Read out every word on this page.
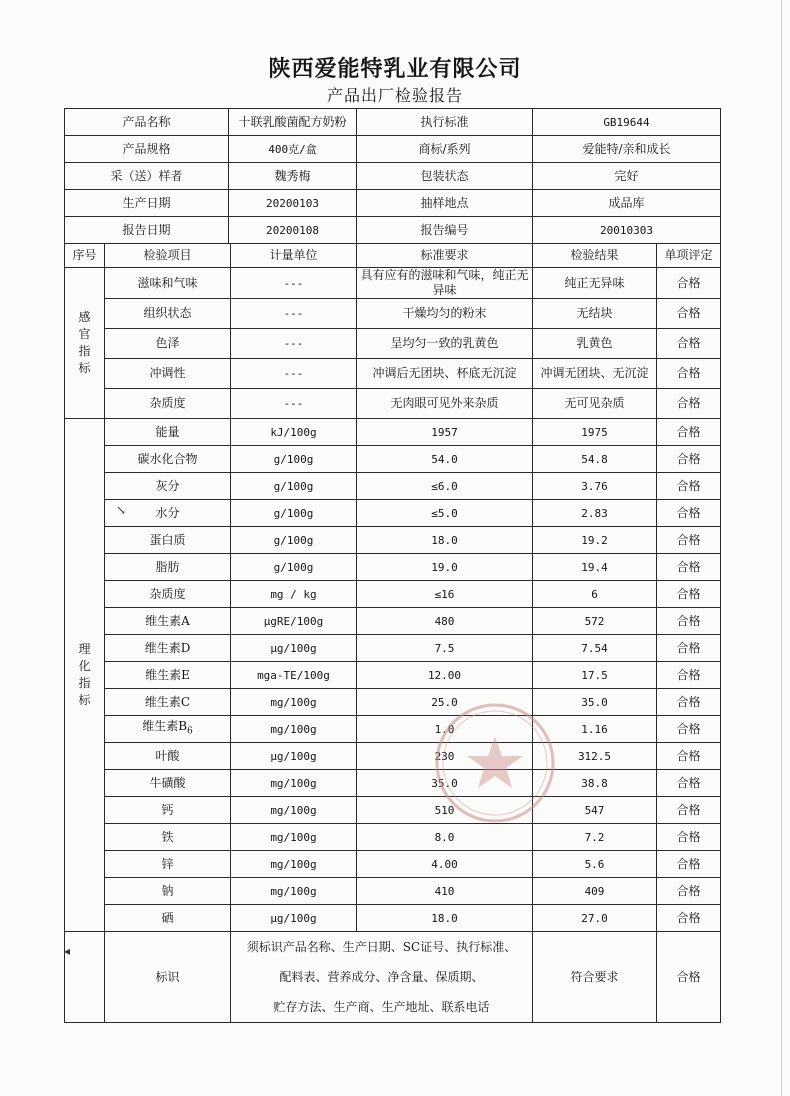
陕西爱能特乳业有限公司
产品出厂检验报告
产品名称	十联乳酸菌配方奶粉	执行标准	GB19644
产品规格	400克/盒	商标/系列	爱能特/亲和成长
采（送）样者	魏秀梅	包装状态	完好
生产日期	20200103	抽样地点	成品库
报告日期	20200108	报告编号	20010303
序号	检验项目	计量单位	标准要求	检验结果	单项评定
感
官
指
标	滋味和气味	---	具有应有的滋味和气味，纯正无异味	纯正无异味	合格
	组织状态	---	干燥均匀的粉末	无结块	合格
	色泽	---	呈均匀一致的乳黄色	乳黄色	合格
	冲调性	---	冲调后无团块、杯底无沉淀	冲调无团块、无沉淀	合格
	杂质度	---	无肉眼可见外来杂质	无可见杂质	合格
理
化
指
标	能量	kJ/100g	1957	1975	合格
	碳水化合物	g/100g	54.0	54.8	合格
	灰分	g/100g	≤6.0	3.76	合格
	水分	g/100g	≤5.0	2.83	合格
	蛋白质	g/100g	18.0	19.2	合格
	脂肪	g/100g	19.0	19.4	合格
	杂质度	mg / kg	≤16	6	合格
	维生素A	μgRE/100g	480	572	合格
	维生素D	μg/100g	7.5	7.54	合格
	维生素E	mga-TE/100g	12.00	17.5	合格
	维生素C	mg/100g	25.0	35.0	合格
	维生素$B_6$	mg/100g	1.0	1.16	合格
	叶酸	μg/100g	230	312.5	合格
	牛磺酸	mg/100g	35.0	38.8	合格
	钙	mg/100g	510	547	合格
	铁	mg/100g	8.0	7.2	合格
	锌	mg/100g	4.00	5.6	合格
	钠	mg/100g	410	409	合格
	硒	μg/100g	18.0	27.0	合格
	标识	须标识产品名称、生产日期、SC证号、执行标准、		符合要求	合格
		配料表、营养成分、净含量、保质期、			
		贮存方法、生产商、生产地址、联系电话			
↘
◂
